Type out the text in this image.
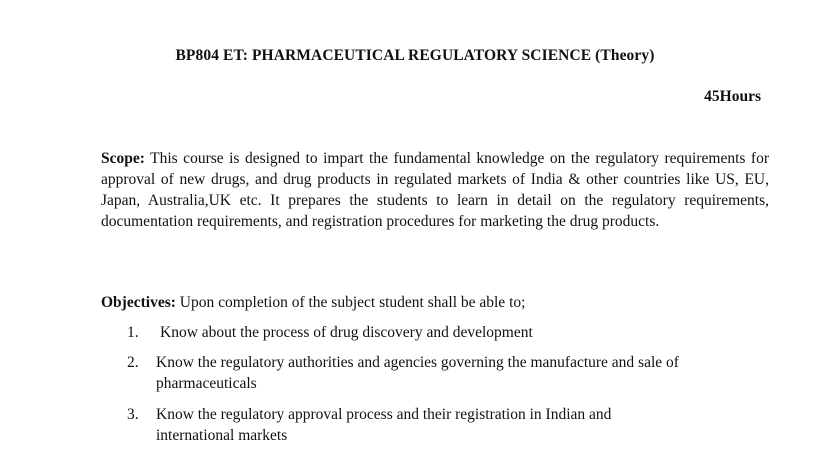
BP804 ET: PHARMACEUTICAL REGULATORY SCIENCE (Theory)
45Hours
Scope: This course is designed to impart the fundamental knowledge on the regulatory requirements for approval of new drugs, and drug products in regulated markets of India & other countries like US, EU, Japan, Australia,UK etc. It prepares the students to learn in detail on the regulatory requirements, documentation requirements, and registration procedures for marketing the drug products.
Objectives: Upon completion of the subject student shall be able to;
1.	Know about the process of drug discovery and development
2.	Know the regulatory authorities and agencies governing the manufacture and sale of pharmaceuticals
3.	Know the regulatory approval process and their registration in Indian and international markets
